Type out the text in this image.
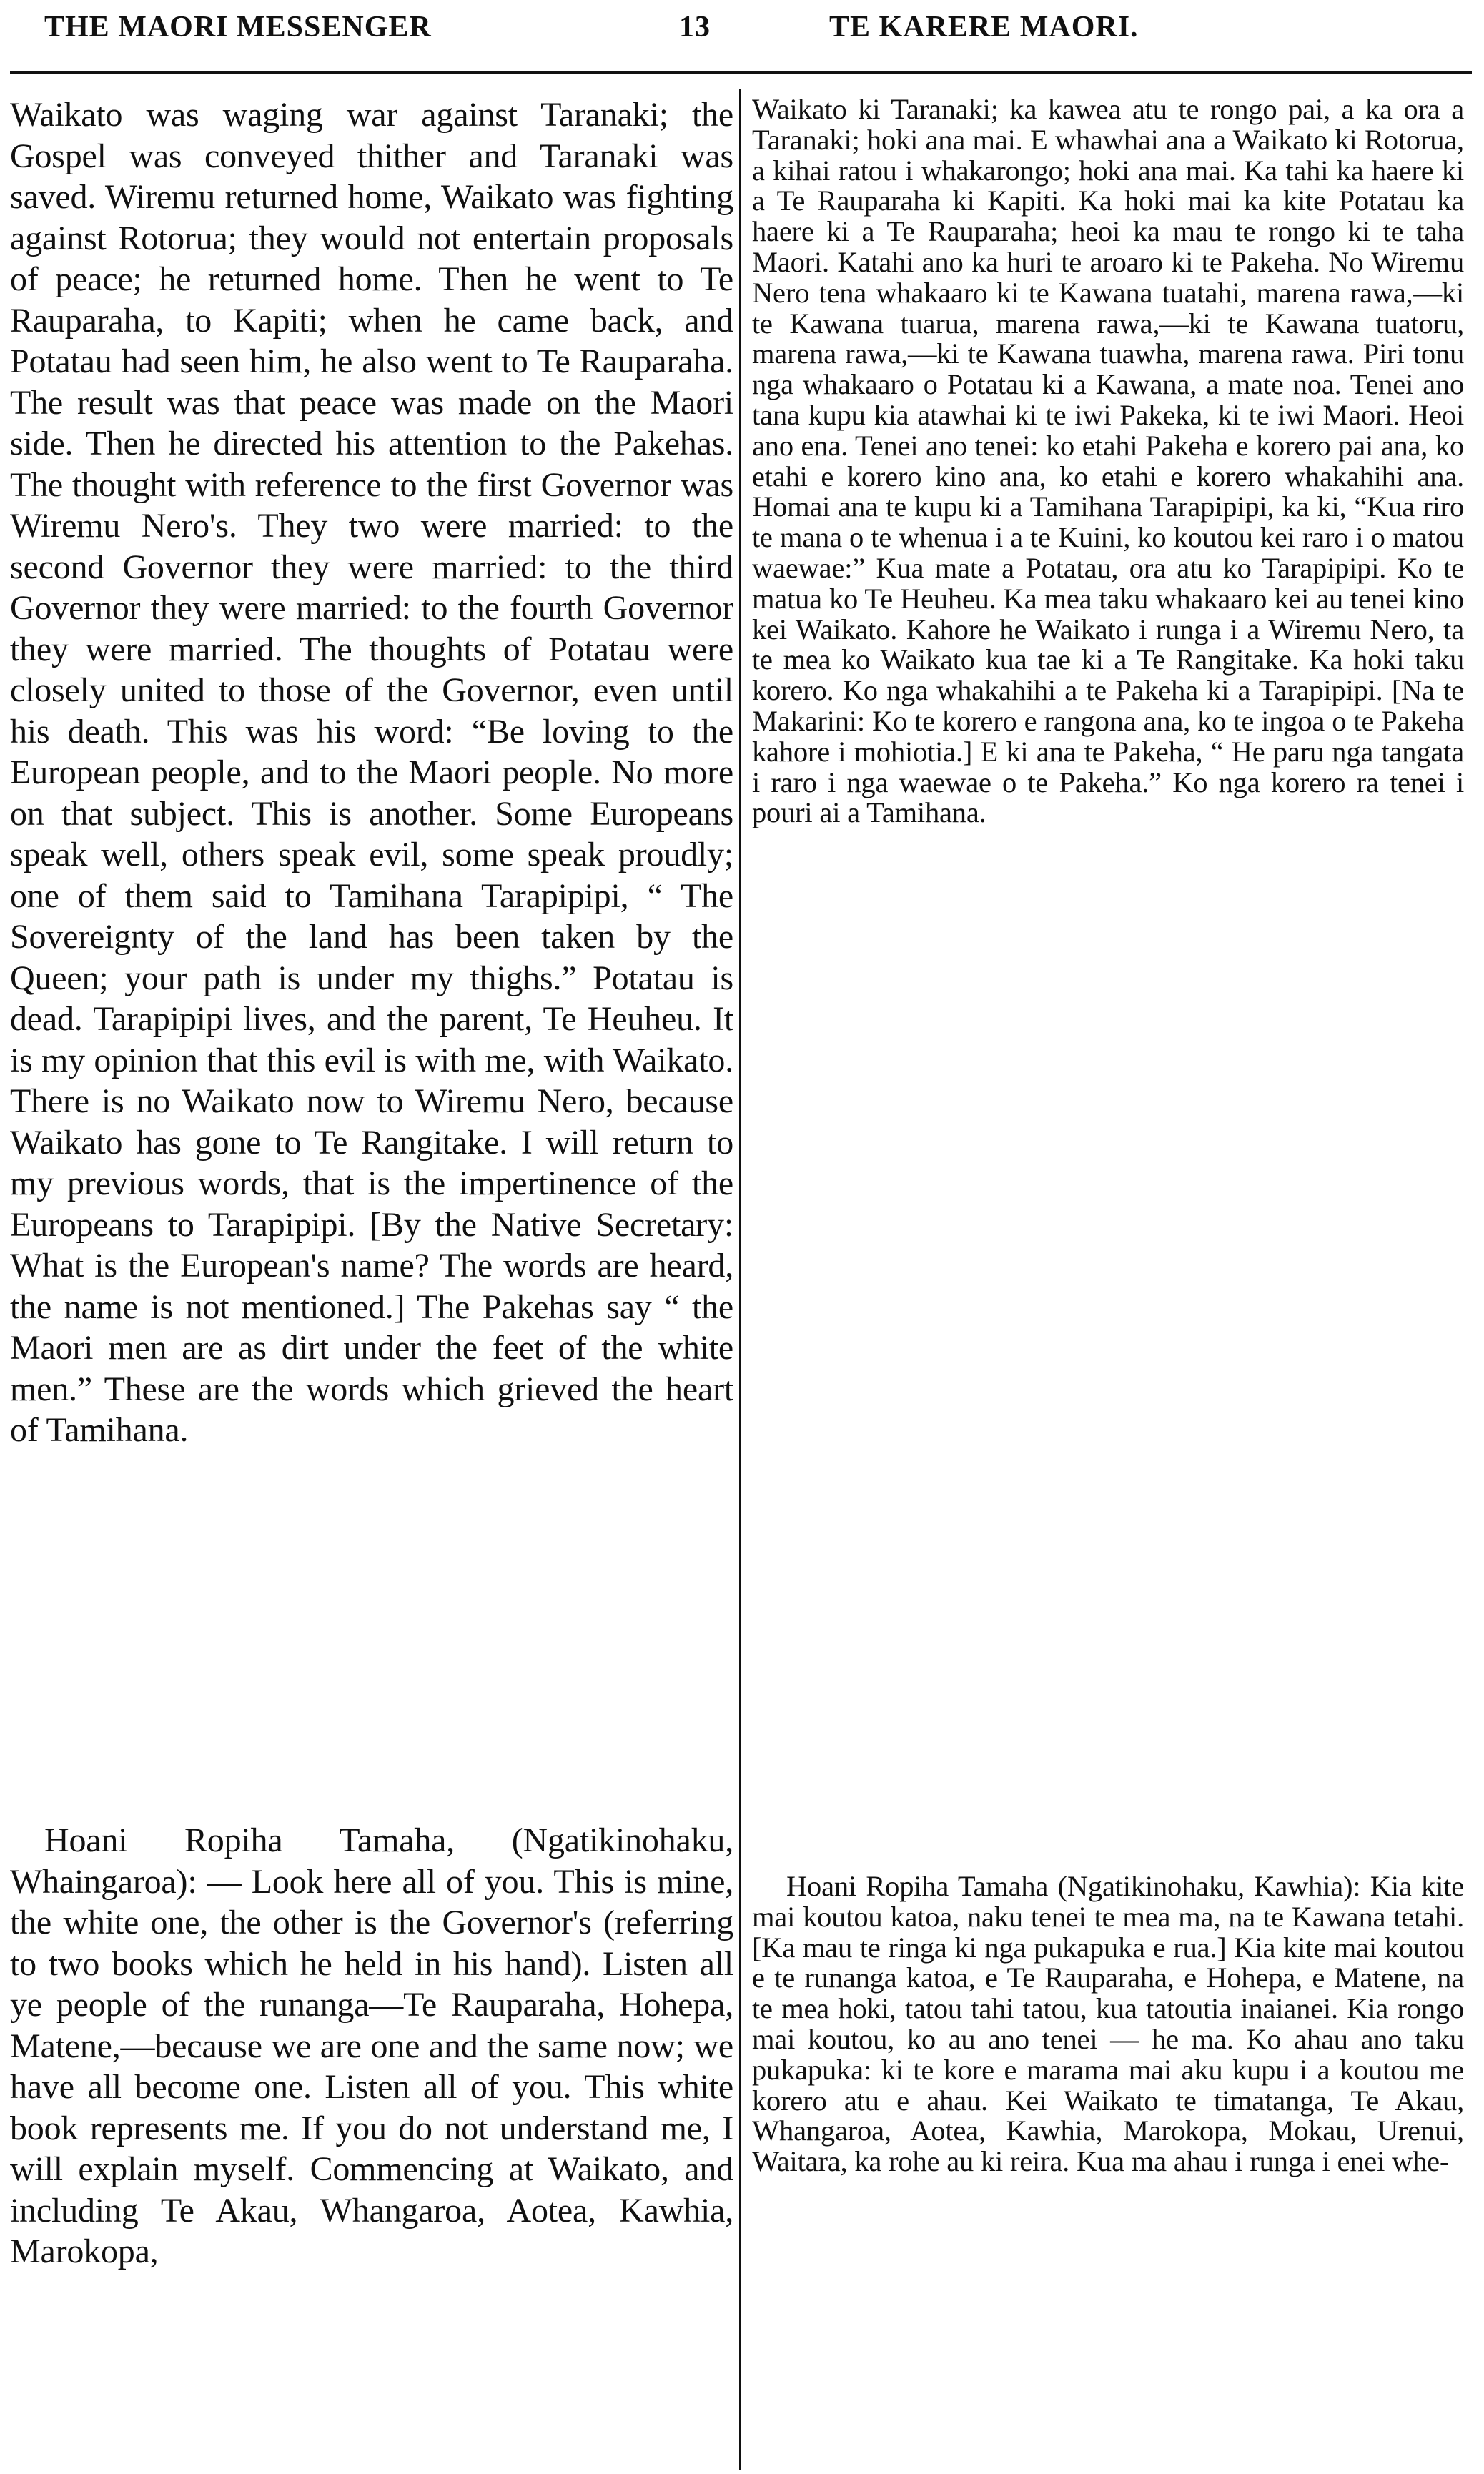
THE MAORI MESSENGER	13	TE KARERE MAORI.

Waikato was waging war against Taranaki; the Gospel was conveyed thither and Taranaki was saved. Wiremu returned home, Waikato was fighting against Rotorua; they would not entertain proposals of peace; he returned home. Then he went to Te Rauparaha, to Kapiti; when he came back, and Potatau had seen him, he also went to Te Rauparaha. The result was that peace was made on the Maori side. Then he directed his attention to the Pakehas. The thought with reference to the first Governor was Wiremu Nero's. They two were married: to the second Governor they were married: to the third Governor they were married: to the fourth Governor they were married. The thoughts of Potatau were closely united to those of the Governor, even until his death. This was his word: “Be loving to the European people, and to the Maori people. No more on that subject. This is another. Some Europeans speak well, others speak evil, some speak proudly; one of them said to Tamihana Tarapipipi, “ The Sovereignty of the land has been taken by the Queen; your path is under my thighs.” Potatau is dead. Tarapipipi lives, and the parent, Te Heuheu. It is my opinion that this evil is with me, with Waikato. There is no Waikato now to Wiremu Nero, because Waikato has gone to Te Rangitake. I will return to my previous words, that is the impertinence of the Europeans to Tarapipipi. [By the Native Secretary: What is the European's name? The words are heard, the name is not mentioned.] The Pakehas say “ the Maori men are as dirt under the feet of the white men.” These are the words which grieved the heart of Tamihana.

Hoani Ropiha Tamaha, (Ngatikinohaku, Whaingaroa): — Look here all of you. This is mine, the white one, the other is the Governor's (referring to two books which he held in his hand). Listen all ye people of the runanga—Te Rauparaha, Hohepa, Matene,—because we are one and the same now; we have all become one. Listen all of you. This white book represents me. If you do not understand me, I will explain myself. Commencing at Waikato, and including Te Akau, Whangaroa, Aotea, Kawhia, Marokopa,

Waikato ki Taranaki; ka kawea atu te rongo pai, a ka ora a Taranaki; hoki ana mai. E whawhai ana a Waikato ki Rotorua, a kihai ratou i whakarongo; hoki ana mai. Ka tahi ka haere ki a Te Rauparaha ki Kapiti. Ka hoki mai ka kite Potatau ka haere ki a Te Rauparaha; heoi ka mau te rongo ki te taha Maori. Katahi ano ka huri te aroaro ki te Pakeha. No Wiremu Nero tena whakaaro ki te Kawana tuatahi, marena rawa,—ki te Kawana tuarua, marena rawa,—ki te Kawana tuatoru, marena rawa,—ki te Kawana tuawha, marena rawa. Piri tonu nga whakaaro o Potatau ki a Kawana, a mate noa. Tenei ano tana kupu kia atawhai ki te iwi Pakeka, ki te iwi Maori. Heoi ano ena. Tenei ano tenei: ko etahi Pakeha e korero pai ana, ko etahi e korero kino ana, ko etahi e korero whakahihi ana. Homai ana te kupu ki a Tamihana Tarapipipi, ka ki, “Kua riro te mana o te whenua i a te Kuini, ko koutou kei raro i o matou waewae:” Kua mate a Potatau, ora atu ko Tarapipipi. Ko te matua ko Te Heuheu. Ka mea taku whakaaro kei au tenei kino kei Waikato. Kahore he Waikato i runga i a Wiremu Nero, ta te mea ko Waikato kua tae ki a Te Rangitake. Ka hoki taku korero. Ko nga whakahihi a te Pakeha ki a Tarapipipi. [Na te Makarini: Ko te korero e rangona ana, ko te ingoa o te Pakeha kahore i mohiotia.] E ki ana te Pakeha, “ He paru nga tangata i raro i nga waewae o te Pakeha.” Ko nga korero ra tenei i pouri ai a Tamihana.

Hoani Ropiha Tamaha (Ngatikinohaku, Kawhia): Kia kite mai koutou katoa, naku tenei te mea ma, na te Kawana tetahi. [Ka mau te ringa ki nga pukapuka e rua.] Kia kite mai koutou e te runanga katoa, e Te Rauparaha, e Hohepa, e Matene, na te mea hoki, tatou tahi tatou, kua tatoutia inaianei. Kia rongo mai koutou, ko au ano tenei — he ma. Ko ahau ano taku pukapuka: ki te kore e marama mai aku kupu i a koutou me korero atu e ahau. Kei Waikato te timatanga, Te Akau, Whangaroa, Aotea, Kawhia, Marokopa, Mokau, Urenui, Waitara, ka rohe au ki reira. Kua ma ahau i runga i enei whe-
